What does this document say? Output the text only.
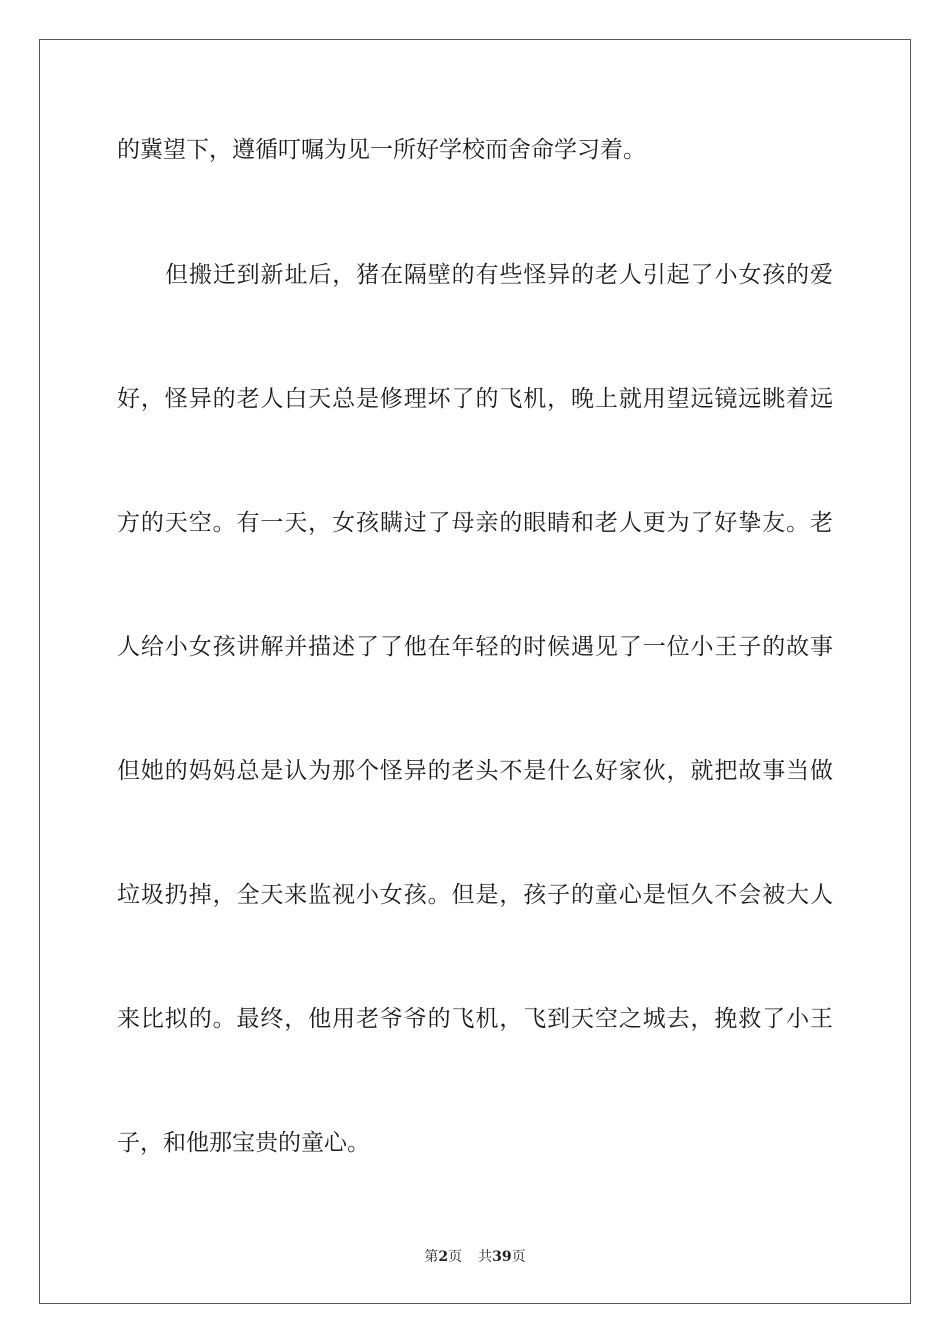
的冀望下，遵循叮嘱为见一所好学校而舍命学习着。
但搬迁到新址后，猪在隔壁的有些怪异的老人引起了小女孩的爱
好，怪异的老人白天总是修理坏了的飞机，晚上就用望远镜远眺着远
方的天空。有一天，女孩瞒过了母亲的眼睛和老人更为了好挚友。老
人给小女孩讲解并描述了了他在年轻的时候遇见了一位小王子的故事
但她的妈妈总是认为那个怪异的老头不是什么好家伙，就把故事当做
垃圾扔掉，全天来监视小女孩。但是，孩子的童心是恒久不会被大人
来比拟的。最终，他用老爷爷的飞机，飞到天空之城去，挽救了小王
子，和他那宝贵的童心。
第2页 共39页
